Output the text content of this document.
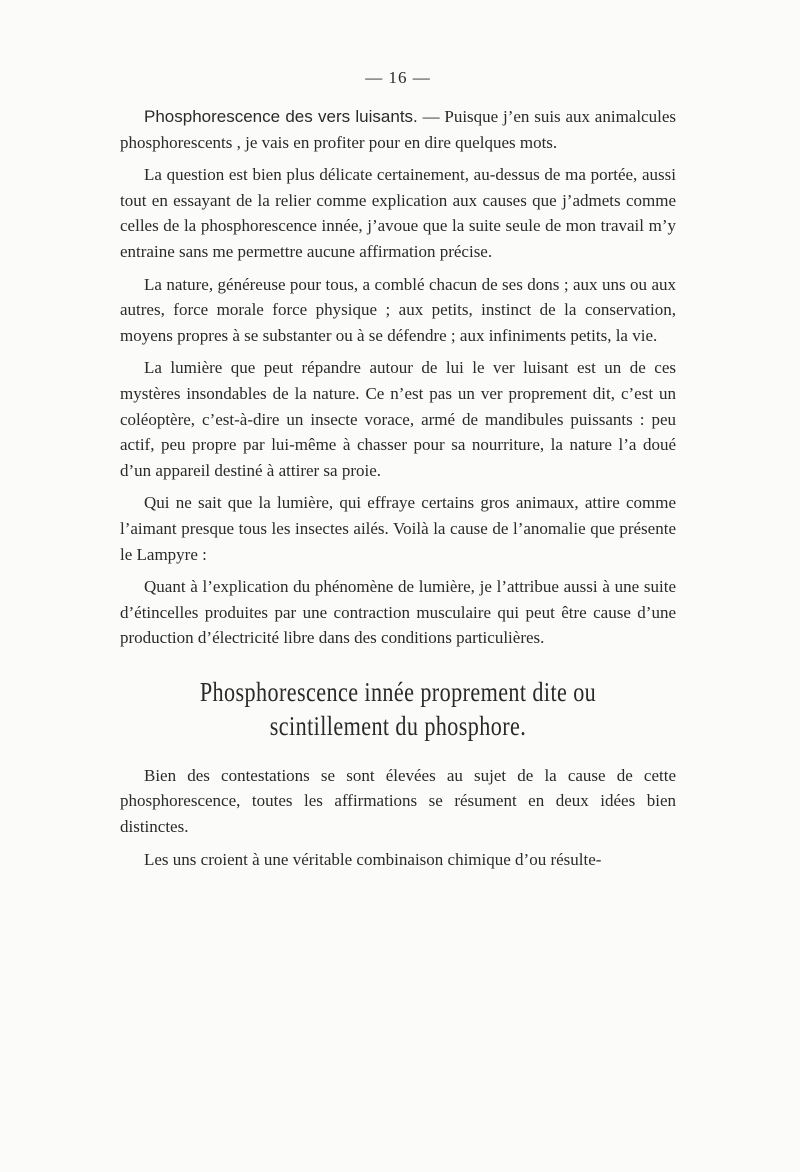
— 16 —

Phosphorescence des vers luisants. — Puisque j’en suis aux animalcules phosphorescents , je vais en profiter pour en dire quelques mots.

La question est bien plus délicate certainement, au-dessus de ma portée, aussi tout en essayant de la relier comme explication aux causes que j’admets comme celles de la phosphorescence innée, j’avoue que la suite seule de mon travail m’y entraine sans me permettre aucune affirmation précise.

La nature, généreuse pour tous, a comblé chacun de ses dons ; aux uns ou aux autres, force morale force physique ; aux petits, instinct de la conservation, moyens propres à se substanter ou à se défendre ; aux infiniments petits, la vie.

La lumière que peut répandre autour de lui le ver luisant est un de ces mystères insondables de la nature. Ce n’est pas un ver proprement dit, c’est un coléoptère, c’est-à-dire un insecte vorace, armé de mandibules puissants : peu actif, peu propre par lui-même à chasser pour sa nourriture, la nature l’a doué d’un appareil destiné à attirer sa proie.

Qui ne sait que la lumière, qui effraye certains gros animaux, attire comme l’aimant presque tous les insectes ailés. Voilà la cause de l’anomalie que présente le Lampyre :

Quant à l’explication du phénomène de lumière, je l’attribue aussi à une suite d’étincelles produites par une contraction musculaire qui peut être cause d’une production d’électricité libre dans des conditions particulières.

Phosphorescence innée proprement dite ou scintillement du phosphore.

Bien des contestations se sont élevées au sujet de la cause de cette phosphorescence, toutes les affirmations se résument en deux idées bien distinctes.

Les uns croient à une véritable combinaison chimique d’ou résulte-
